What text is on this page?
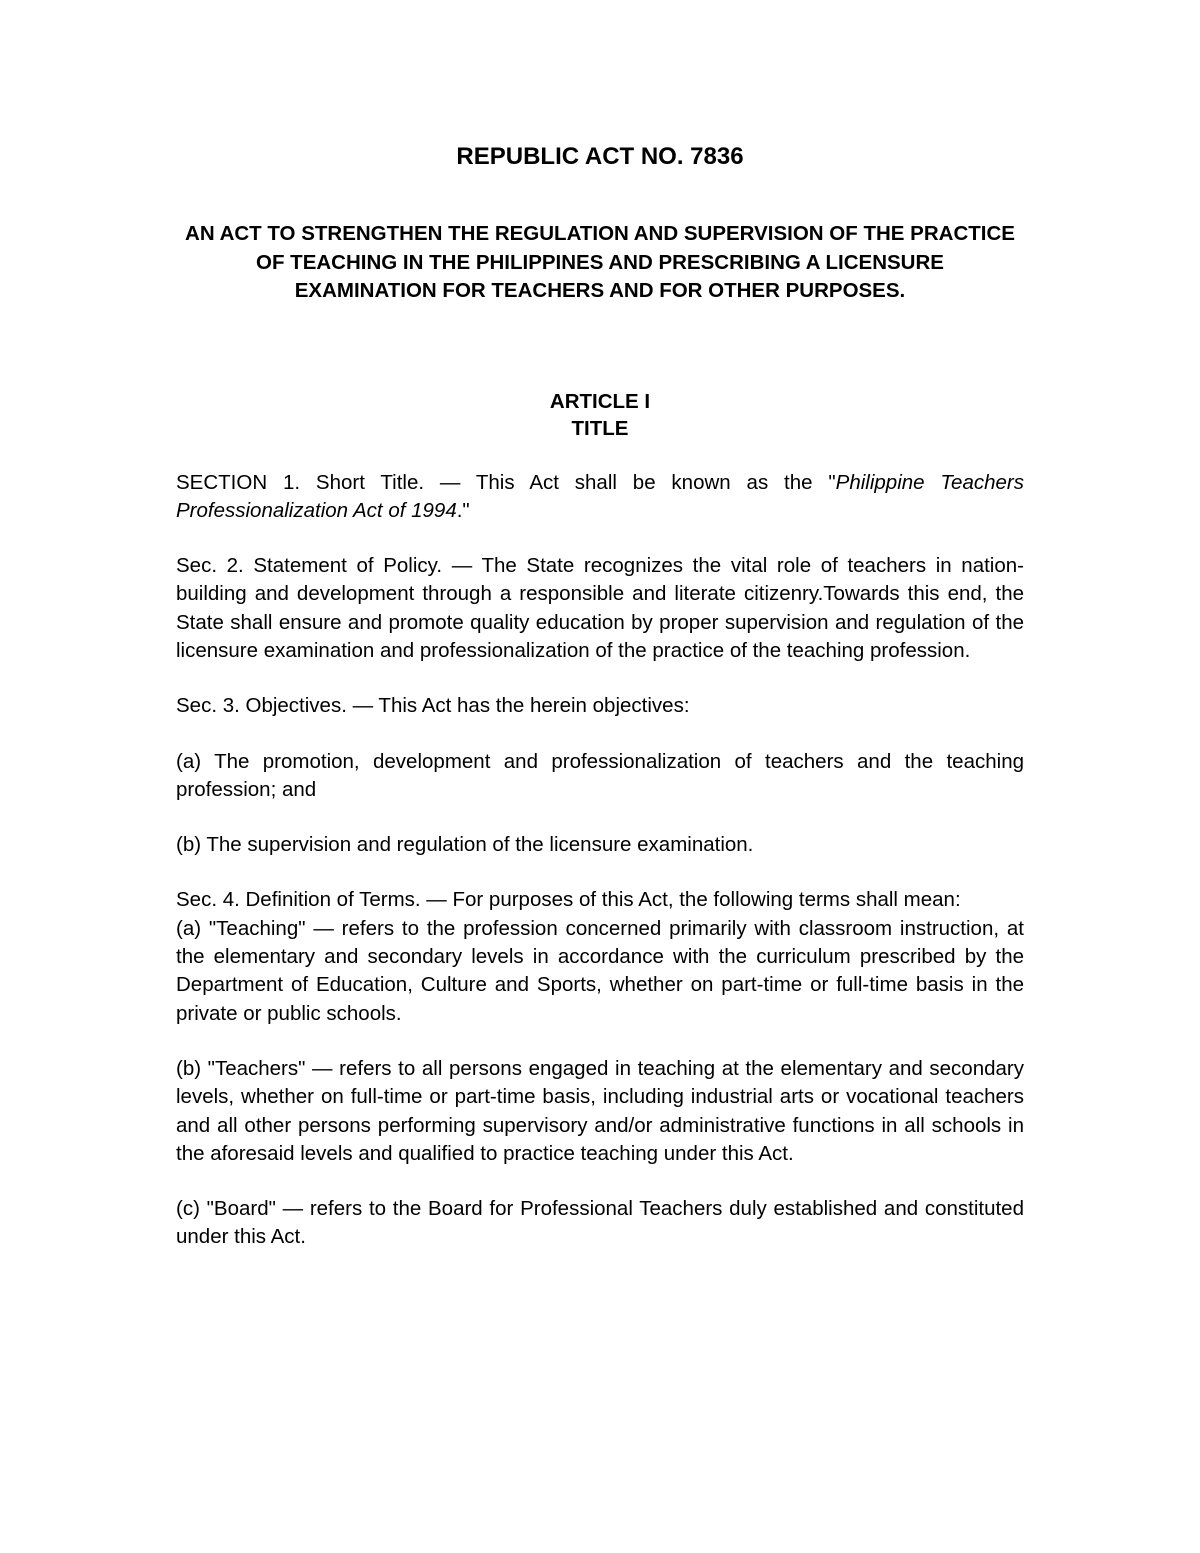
REPUBLIC ACT NO. 7836
AN ACT TO STRENGTHEN THE REGULATION AND SUPERVISION OF THE PRACTICE OF TEACHING IN THE PHILIPPINES AND PRESCRIBING A LICENSURE EXAMINATION FOR TEACHERS AND FOR OTHER PURPOSES.
ARTICLE I
TITLE

SECTION 1. Short Title. — This Act shall be known as the "Philippine Teachers Professionalization Act of 1994."

Sec. 2. Statement of Policy. — The State recognizes the vital role of teachers in nation-building and development through a responsible and literate citizenry.Towards this end, the State shall ensure and promote quality education by proper supervision and regulation of the licensure examination and professionalization of the practice of the teaching profession.

Sec. 3. Objectives. — This Act has the herein objectives:

(a) The promotion, development and professionalization of teachers and the teaching profession; and

(b) The supervision and regulation of the licensure examination.

Sec. 4. Definition of Terms. — For purposes of this Act, the following terms shall mean:

(a) "Teaching" — refers to the profession concerned primarily with classroom instruction, at the elementary and secondary levels in accordance with the curriculum prescribed by the Department of Education, Culture and Sports, whether on part-time or full-time basis in the private or public schools.

(b) "Teachers" — refers to all persons engaged in teaching at the elementary and secondary levels, whether on full-time or part-time basis, including industrial arts or vocational teachers and all other persons performing supervisory and/or administrative functions in all schools in the aforesaid levels and qualified to practice teaching under this Act.

(c) "Board" — refers to the Board for Professional Teachers duly established and constituted under this Act.
